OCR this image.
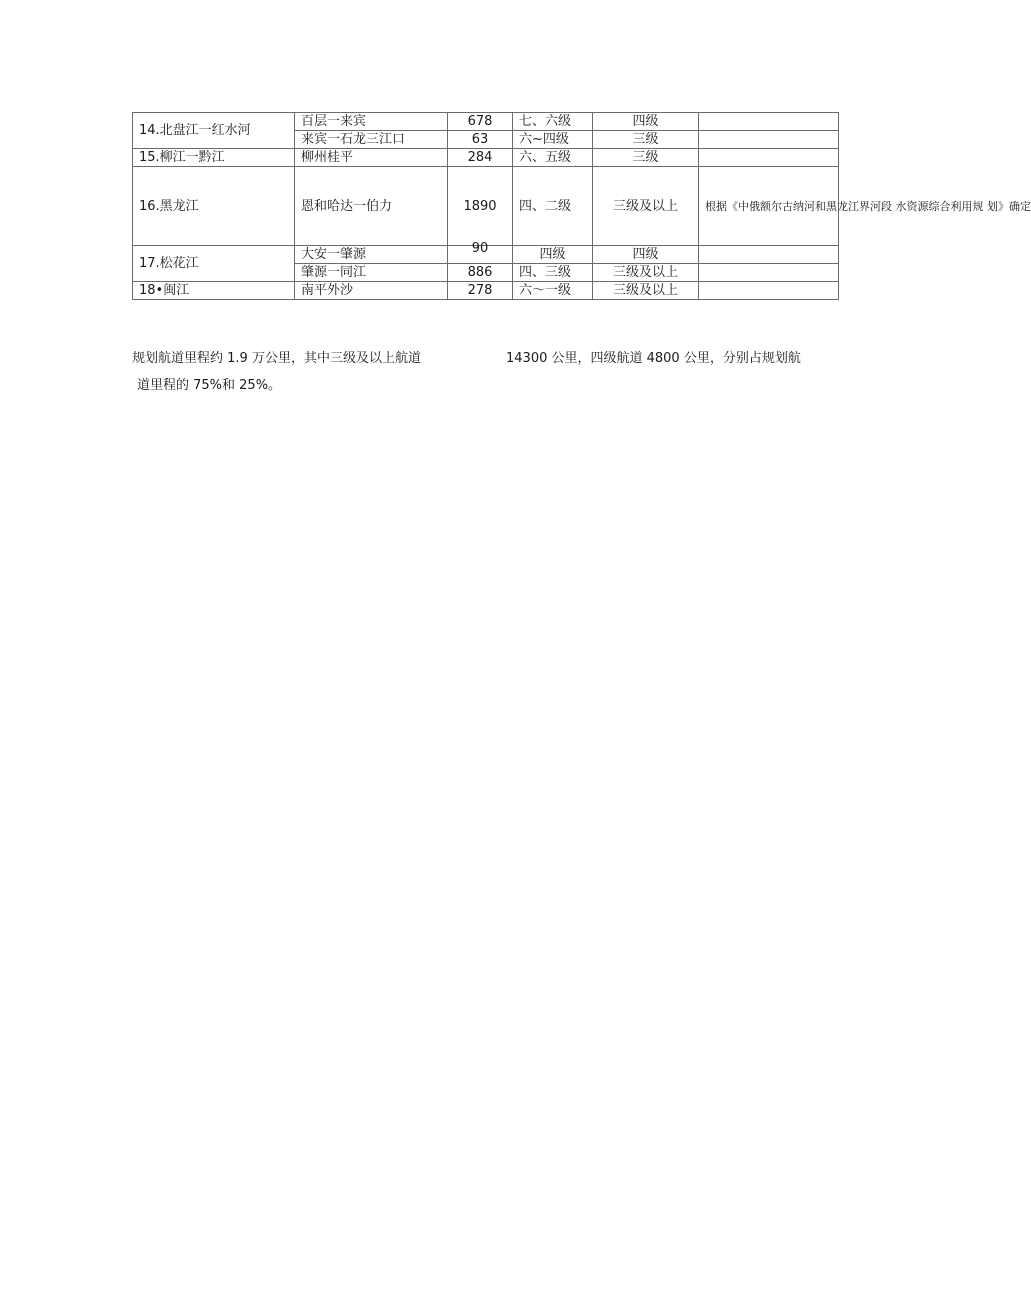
14.北盘江一红水河	百层一来宾	678	七、六级	四级	
	来宾一石龙三江口	63	六~四级	三级	
15.柳江一黔江	柳州桂平	284	六、五级	三级	
16.黑龙江	恩和哈达一伯力	1890	四、二级	三级及以上	根据《中俄额尔古纳河和黑龙江界河段 水资源综合利用规 划》确定
17.松花江	大安一肇源	90	四级	四级	
	肇源一同江	886	四、三级	三级及以上	
18•闽江	南平外沙	278	六〜一级	三级及以上	
规划航道里程约 1.9 万公里，其中三级及以上航道	14300 公里，四级航道 4800 公里，分别占规划航
道里程的 75%和 25%。
